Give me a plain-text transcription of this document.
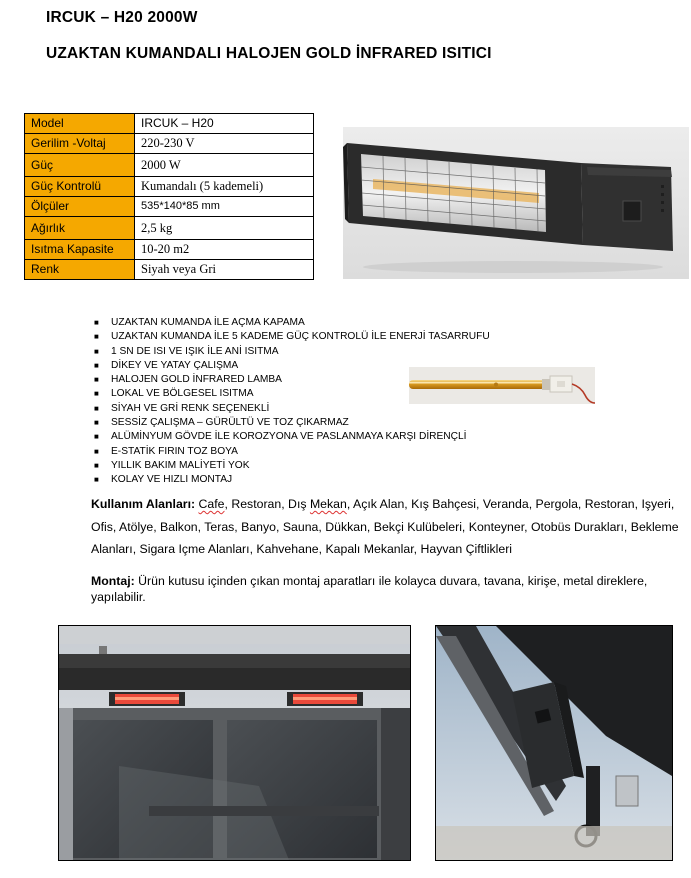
IRCUK – H20 2000W
UZAKTAN KUMANDALI HALOJEN GOLD İNFRARED ISITICI
Model	IRCUK – H20
Gerilim -Voltaj	220-230 V
Güç	2000 W
Güç Kontrolü	Kumandalı (5 kademeli)
Ölçüler	535*140*85 mm
Ağırlık	2,5 kg
Isıtma Kapasite	10-20 m2
Renk	Siyah veya Gri
■ UZAKTAN KUMANDA İLE AÇMA KAPAMA
■ UZAKTAN KUMANDA İLE 5 KADEME GÜÇ KONTROLÜ İLE ENERJİ TASARRUFU
■ 1 SN DE ISI VE IŞIK İLE ANİ ISITMA
■ DİKEY VE YATAY ÇALIŞMA
■ HALOJEN GOLD İNFRARED LAMBA
■ LOKAL VE BÖLGESEL ISITMA
■ SİYAH VE GRİ RENK SEÇENEKLİ
■ SESSİZ ÇALIŞMA – GÜRÜLTÜ VE TOZ ÇIKARMAZ
■ ALÜMİNYUM GÖVDE İLE KOROZYONA VE PASLANMAYA KARŞI DİRENÇLİ
■ E-STATİK FIRIN TOZ BOYA
■ YILLIK BAKIM MALİYETİ YOK
■ KOLAY VE HIZLI MONTAJ
Kullanım Alanları: Cafe, Restoran, Dış Mekan, Açık Alan, Kış Bahçesi, Veranda, Pergola, Restoran, Işyeri, Ofis, Atölye, Balkon, Teras, Banyo, Sauna, Dükkan, Bekçi Kulübeleri, Konteyner, Otobüs Durakları, Bekleme Alanları, Sigara Içme Alanları, Kahvehane, Kapalı Mekanlar, Hayvan Çiftlikleri
Montaj: Ürün kutusu içinden çıkan montaj aparatları ile kolayca duvara, tavana, kirişe, metal direklere, yapılabilir.
